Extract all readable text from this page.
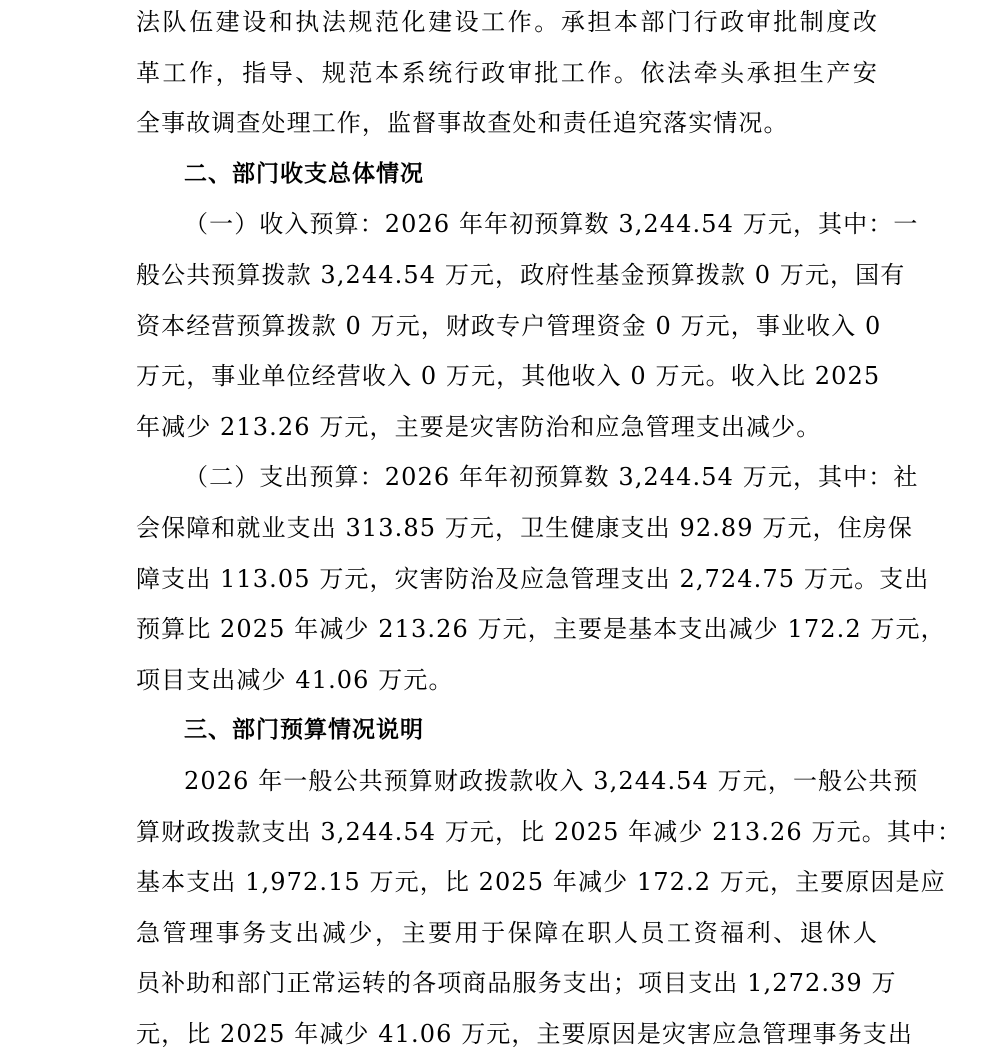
法队伍建设和执法规范化建设工作。承担本部门行政审批制度改
革工作，指导、规范本系统行政审批工作。依法牵头承担生产安
全事故调查处理工作，监督事故查处和责任追究落实情况。
二、部门收支总体情况
（一）收入预算：2026 年年初预算数 3,244.54 万元，其中：一
般公共预算拨款 3,244.54 万元，政府性基金预算拨款 0 万元，国有
资本经营预算拨款 0 万元，财政专户管理资金 0 万元，事业收入 0
万元，事业单位经营收入 0 万元，其他收入 0 万元。收入比 2025
年减少 213.26 万元，主要是灾害防治和应急管理支出减少。
（二）支出预算：2026 年年初预算数 3,244.54 万元，其中：社
会保障和就业支出 313.85 万元，卫生健康支出 92.89 万元，住房保
障支出 113.05 万元，灾害防治及应急管理支出 2,724.75 万元。支出
预算比 2025 年减少 213.26 万元，主要是基本支出减少 172.2 万元，
项目支出减少 41.06 万元。
三、部门预算情况说明
2026 年一般公共预算财政拨款收入 3,244.54 万元，一般公共预
算财政拨款支出 3,244.54 万元，比 2025 年减少 213.26 万元。其中：
基本支出 1,972.15 万元，比 2025 年减少 172.2 万元，主要原因是应
急管理事务支出减少，主要用于保障在职人员工资福利、退休人
员补助和部门正常运转的各项商品服务支出；项目支出 1,272.39 万
元，比 2025 年减少 41.06 万元，主要原因是灾害应急管理事务支出
